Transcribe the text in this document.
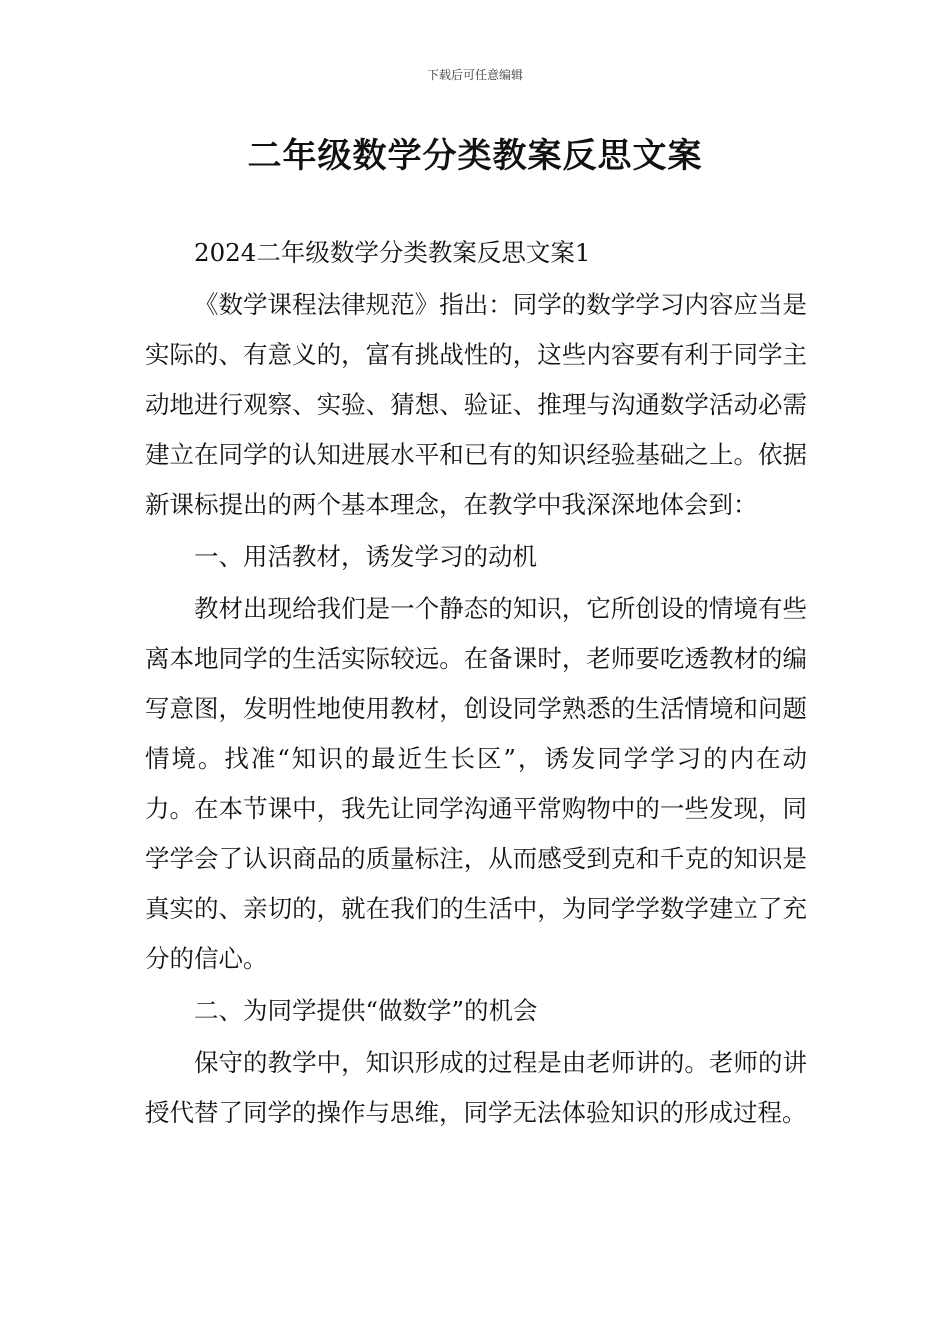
下载后可任意编辑
二年级数学分类教案反思文案

2024二年级数学分类教案反思文案1

《数学课程法律规范》指出：同学的数学学习内容应当是实际的、有意义的，富有挑战性的，这些内容要有利于同学主动地进行观察、实验、猜想、验证、推理与沟通数学活动必需建立在同学的认知进展水平和已有的知识经验基础之上。依据新课标提出的两个基本理念，在教学中我深深地体会到：

一、用活教材，诱发学习的动机

教材出现给我们是一个静态的知识，它所创设的情境有些离本地同学的生活实际较远。在备课时，老师要吃透教材的编写意图，发明性地使用教材，创设同学熟悉的生活情境和问题情境。找准“知识的最近生长区”，诱发同学学习的内在动力。在本节课中，我先让同学沟通平常购物中的一些发现，同学学会了认识商品的质量标注，从而感受到克和千克的知识是真实的、亲切的，就在我们的生活中，为同学学数学建立了充分的信心。

二、为同学提供“做数学”的机会

保守的教学中，知识形成的过程是由老师讲的。老师的讲授代替了同学的操作与思维，同学无法体验知识的形成过程。
